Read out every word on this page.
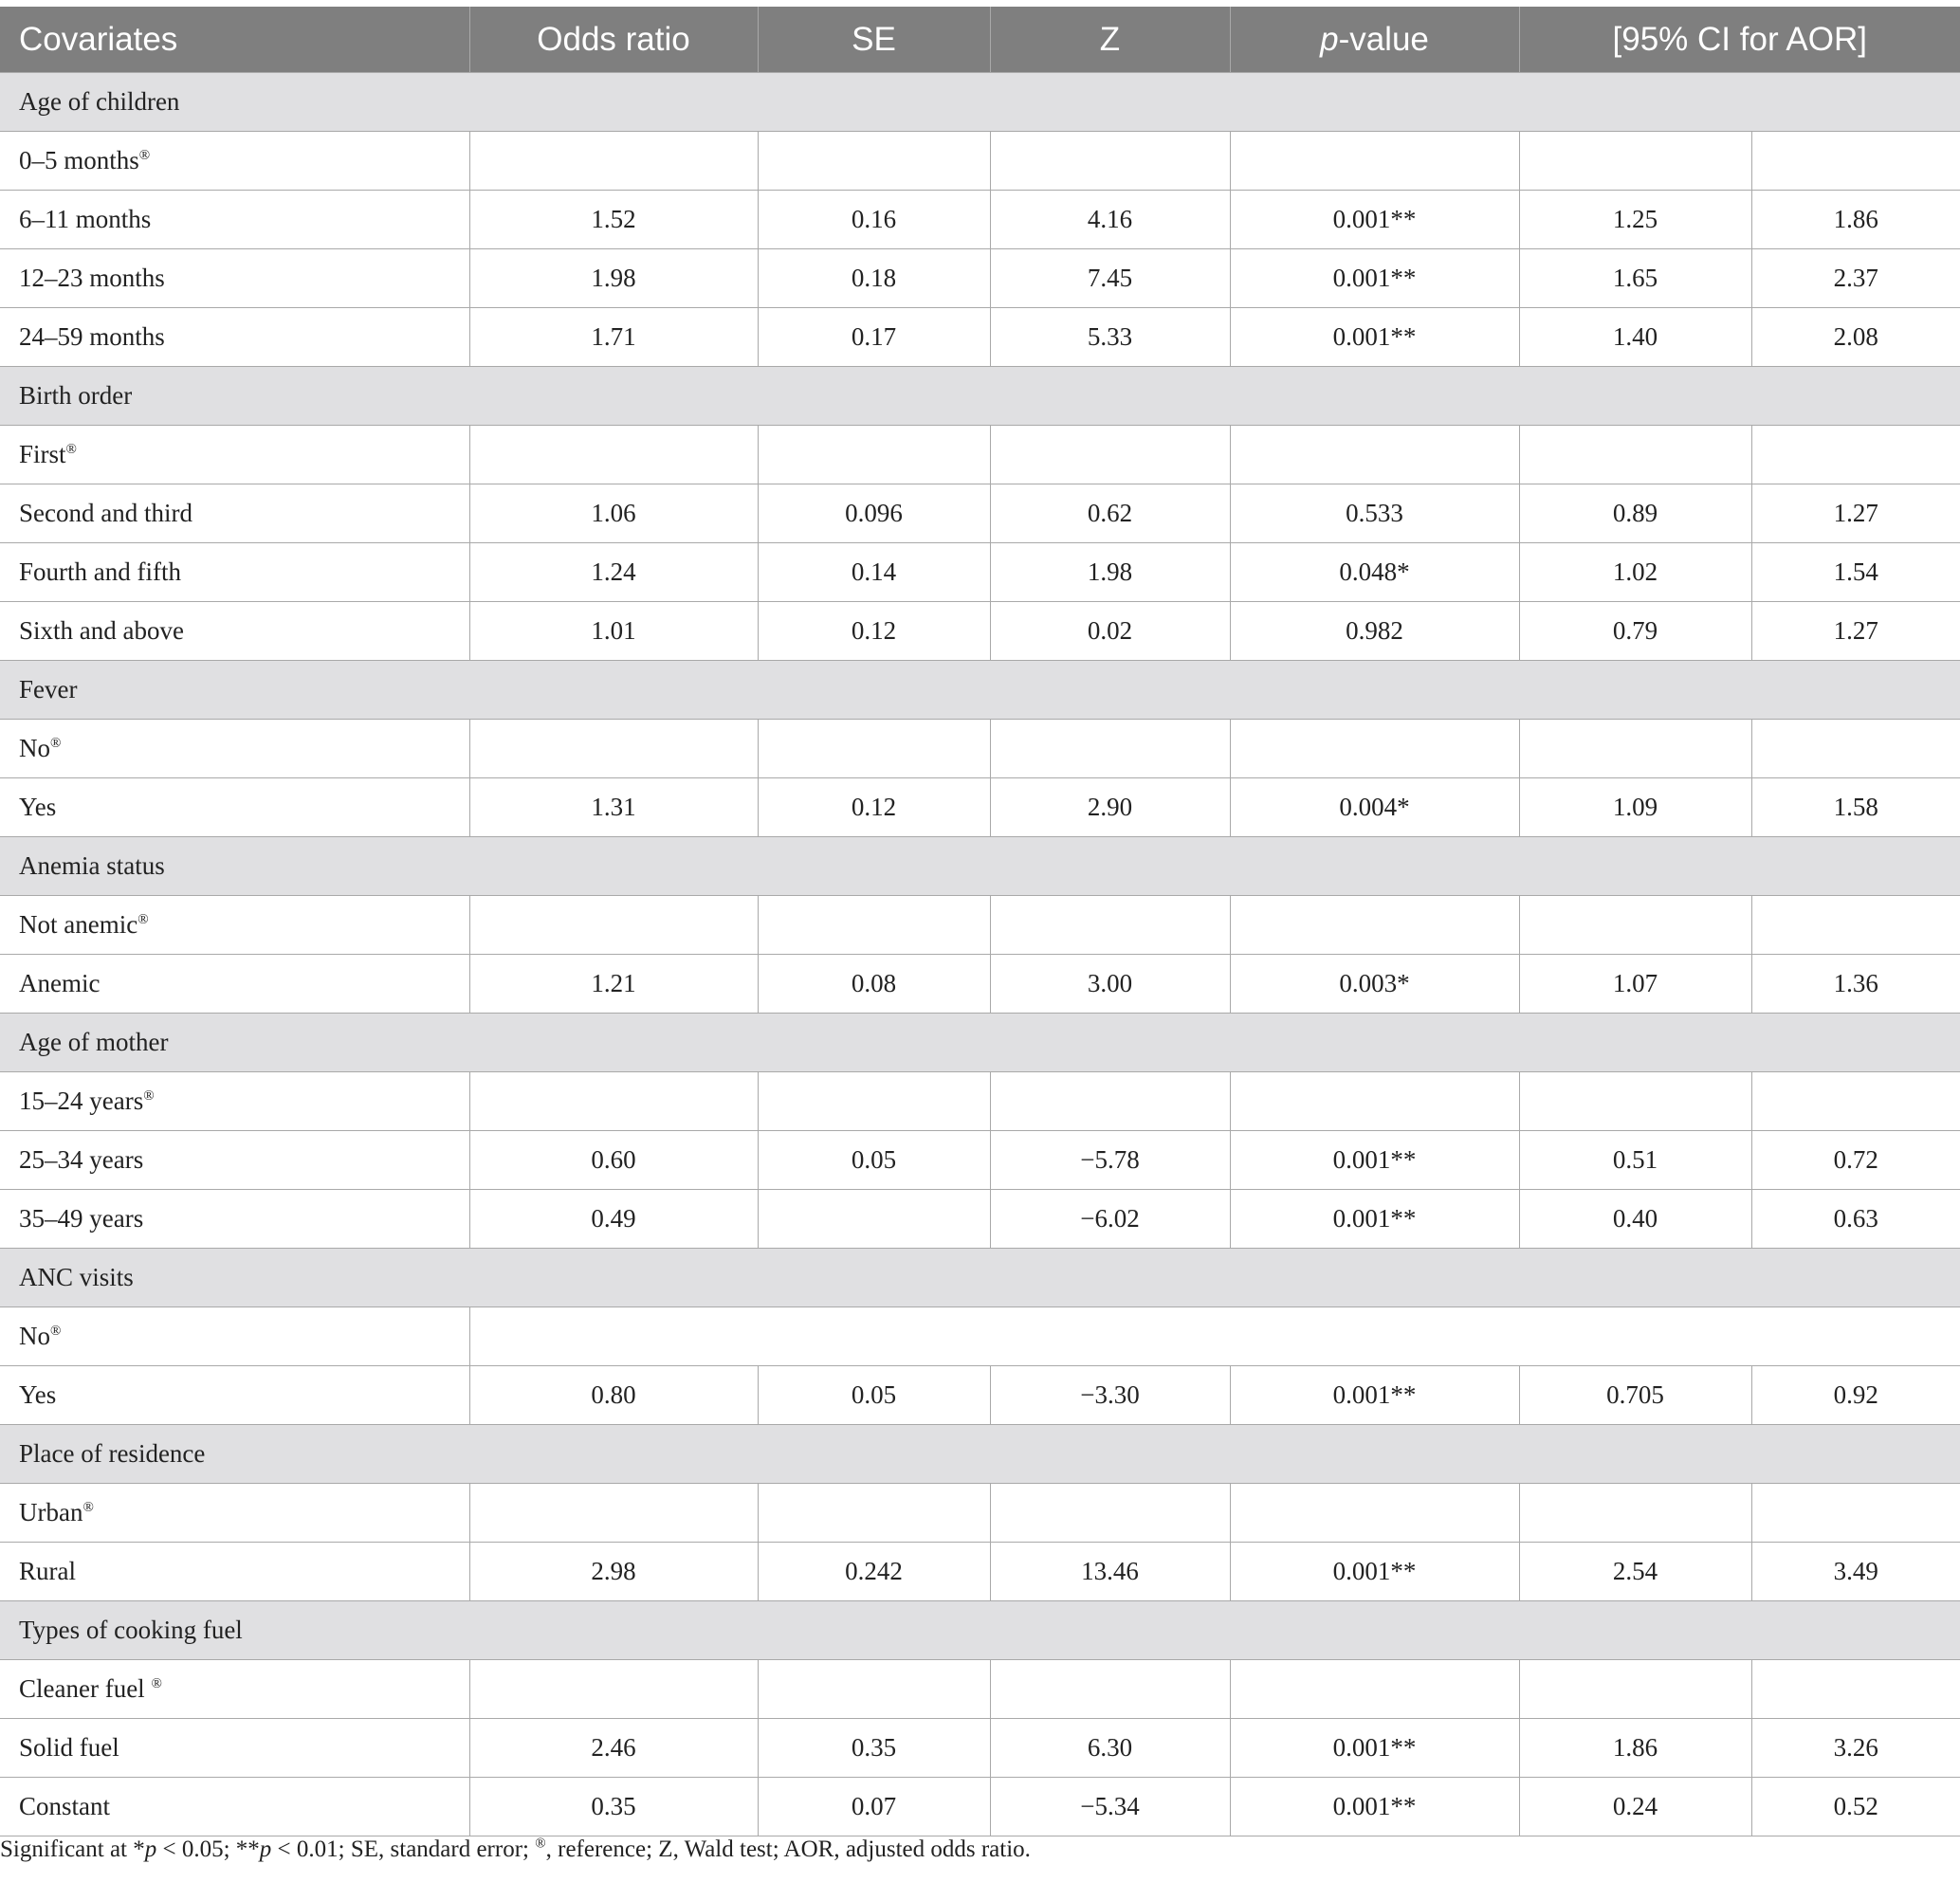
Covariates	Odds ratio	SE	Z	p-value	[95% CI for AOR]	
Age of children						
0–5 months®						
6–11 months	1.52	0.16	4.16	0.001**	1.25	1.86
12–23 months	1.98	0.18	7.45	0.001**	1.65	2.37
24–59 months	1.71	0.17	5.33	0.001**	1.40	2.08
Birth order						
First®						
Second and third	1.06	0.096	0.62	0.533	0.89	1.27
Fourth and fifth	1.24	0.14	1.98	0.048*	1.02	1.54
Sixth and above	1.01	0.12	0.02	0.982	0.79	1.27
Fever						
No®						
Yes	1.31	0.12	2.90	0.004*	1.09	1.58
Anemia status						
Not anemic®						
Anemic	1.21	0.08	3.00	0.003*	1.07	1.36
Age of mother						
15–24 years®						
25–34 years	0.60	0.05	−5.78	0.001**	0.51	0.72
35–49 years	0.49		−6.02	0.001**	0.40	0.63
ANC visits						
No®	
Yes	0.80	0.05	−3.30	0.001**	0.705	0.92
Place of residence						
Urban®						
Rural	2.98	0.242	13.46	0.001**	2.54	3.49
Types of cooking fuel						
Cleaner fuel ®						
Solid fuel	2.46	0.35	6.30	0.001**	1.86	3.26
Constant	0.35	0.07	−5.34	0.001**	0.24	0.52
Significant at *p < 0.05; **p < 0.01; SE, standard error; ®, reference; Z, Wald test; AOR, adjusted odds ratio.
